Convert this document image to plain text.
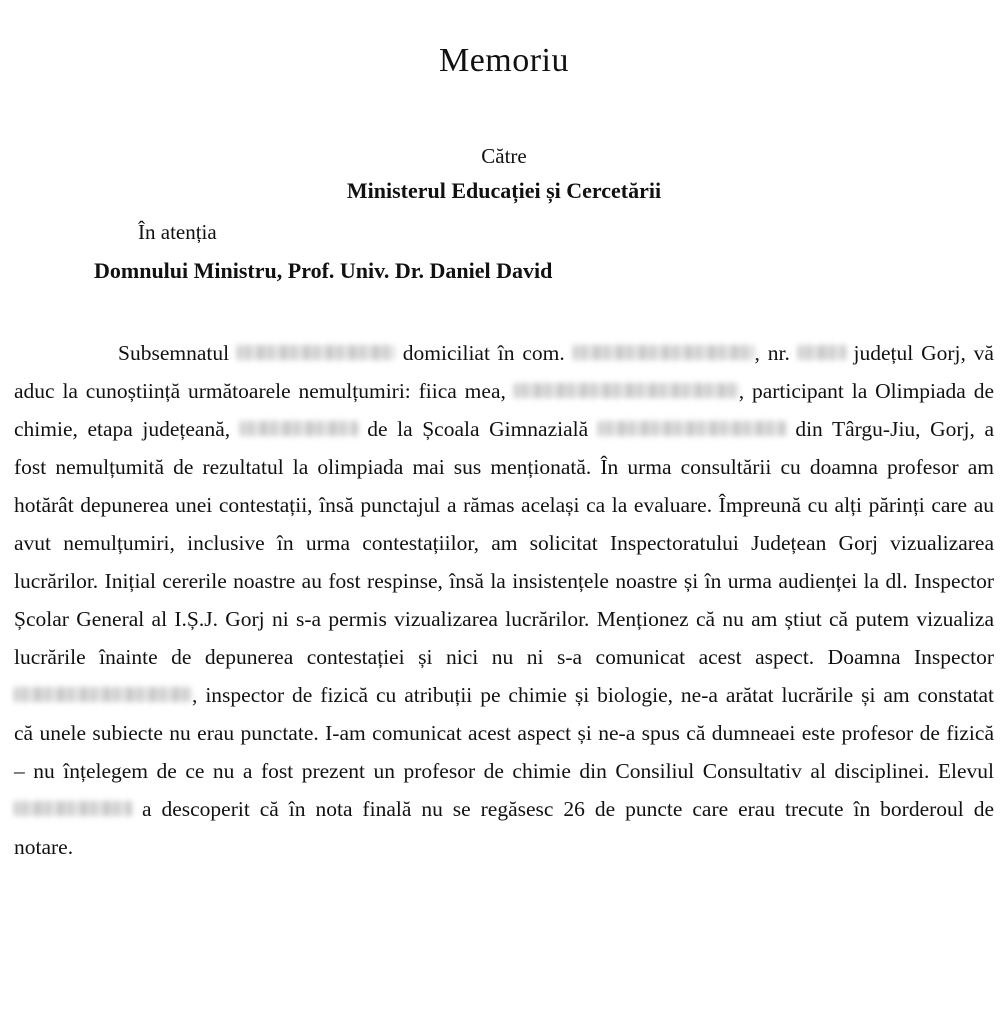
Memoriu

Către

Ministerul Educației și Cercetării

În atenția

Domnului Ministru, Prof. Univ. Dr. Daniel David

Subsemnatul	domiciliat în com.	, nr.  județul Gorj, vă aduc la cunoștiință următoarele nemulțumiri: fiica mea,	, participant la Olimpiada de chimie, etapa județeană,	de la Școala Gimnazială	din Târgu-Jiu, Gorj, a fost nemulțumită de rezultatul la olimpiada mai sus menționată. În urma consultării cu doamna profesor am hotărât depunerea unei contestații, însă punctajul a rămas același ca la evaluare. Împreună cu alți părinți care au avut nemulțumiri, inclusive în urma contestațiilor, am solicitat Inspectoratului Județean Gorj vizualizarea lucrărilor. Inițial cererile noastre au fost respinse, însă la insistențele noastre și în urma audienței la dl. Inspector Școlar General al I.Ș.J. Gorj ni s-a permis vizualizarea lucrărilor. Menționez că nu am știut că putem vizualiza lucrările înainte de depunerea contestației și nici nu ni s-a comunicat acest aspect. Doamna Inspector , inspector de fizică cu atribuții pe chimie și biologie, ne-a arătat lucrările și am constatat că unele subiecte nu erau punctate. I-am comunicat acest aspect și ne-a spus că dumneaei este profesor de fizică – nu înțelegem de ce nu a fost prezent un profesor de chimie din Consiliul Consultativ al disciplinei. Elevul  a descoperit că în nota finală nu se regăsesc 26 de puncte care erau trecute în borderoul de notare.
